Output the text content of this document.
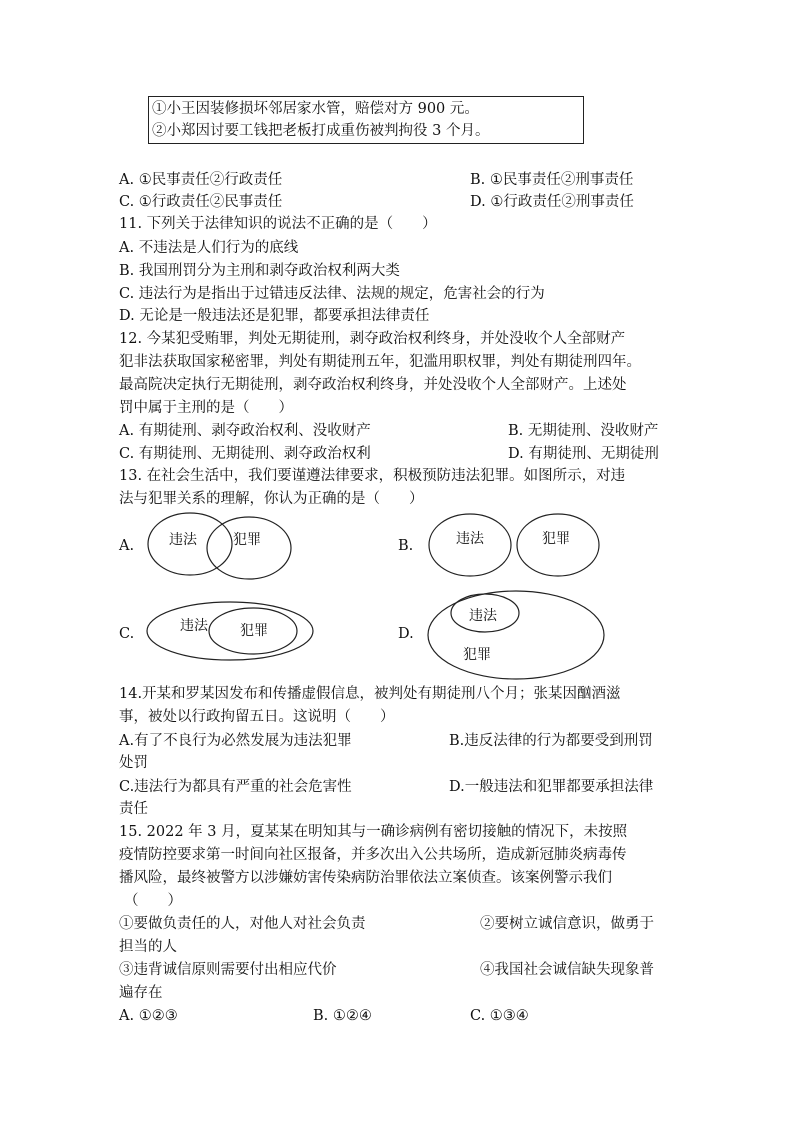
①小王因装修损坏邻居家水管，赔偿对方 900 元。
②小郑因讨要工钱把老板打成重伤被判拘役 3 个月。
A. ①民事责任②行政责任	B. ①民事责任②刑事责任
C. ①行政责任②民事责任	D. ①行政责任②刑事责任
11. 下列关于法律知识的说法不正确的是（　　）
A. 不违法是人们行为的底线
B. 我国刑罚分为主刑和剥夺政治权利两大类
C. 违法行为是指出于过错违反法律、法规的规定，危害社会的行为
D. 无论是一般违法还是犯罪，都要承担法律责任
12. 今某犯受贿罪，判处无期徒刑，剥夺政治权利终身，并处没收个人全部财产
犯非法获取国家秘密罪，判处有期徒刑五年，犯滥用职权罪，判处有期徒刑四年。
最高院决定执行无期徒刑，剥夺政治权利终身，并处没收个人全部财产。上述处
罚中属于主刑的是（　　）
A. 有期徒刑、剥夺政治权利、没收财产	B. 无期徒刑、没收财产
C. 有期徒刑、无期徒刑、剥夺政治权利	D. 有期徒刑、无期徒刑
13. 在社会生活中，我们要谨遵法律要求，积极预防违法犯罪。如图所示，对违
法与犯罪关系的理解，你认为正确的是（　　）
A.	B.
C.	D.
违法	犯罪	违法	犯罪
违法 犯罪
违法
犯罪
14.开某和罗某因发布和传播虚假信息，被判处有期徒刑八个月；张某因酗酒滋
事，被处以行政拘留五日。这说明（　　）
A.有了不良行为必然发展为违法犯罪	B.违反法律的行为都要受到刑罚
处罚
C.违法行为都具有严重的社会危害性	D.一般违法和犯罪都要承担法律
责任
15. 2022 年 3 月，夏某某在明知其与一确诊病例有密切接触的情况下，未按照
疫情防控要求第一时间向社区报备，并多次出入公共场所，造成新冠肺炎病毒传
播风险，最终被警方以涉嫌妨害传染病防治罪依法立案侦查。该案例警示我们
（　　）
①要做负责任的人，对他人对社会负责	②要树立诚信意识，做勇于
担当的人
③违背诚信原则需要付出相应代价	④我国社会诚信缺失现象普
遍存在
A. ①②③	B. ①②④	C. ①③④
